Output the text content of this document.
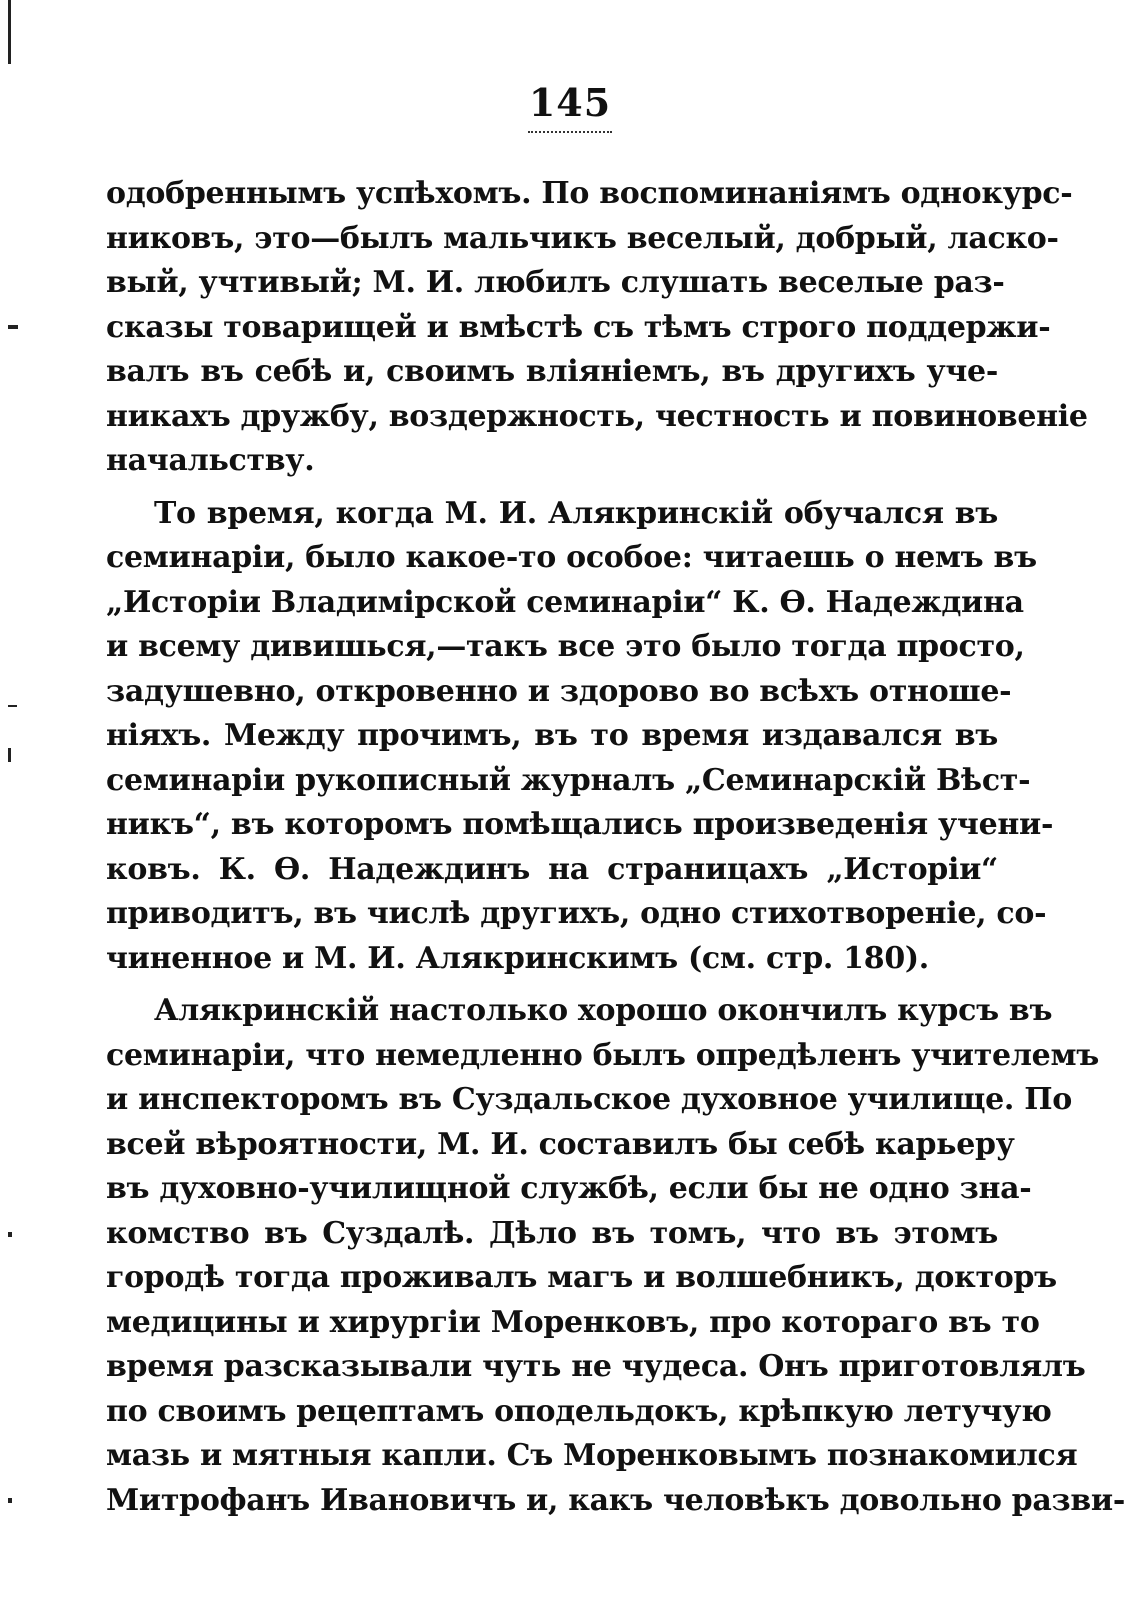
145
одобреннымъ успѣхомъ. По воспоминаніямъ однокурс-
никовъ, это—былъ мальчикъ веселый, добрый, ласко-
вый, учтивый; М. И. любилъ слушать веселые раз-
сказы товарищей и вмѣстѣ съ тѣмъ строго поддержи-
валъ въ себѣ и, своимъ вліяніемъ, въ другихъ уче-
никахъ дружбу, воздержность, честность и повиновеніе
начальству.
То время, когда М. И. Алякринскій обучался въ
семинаріи, было какое-то особое: читаешь о немъ въ
„Исторіи Владимірской семинаріи“ К. Ѳ. Надеждина
и всему дивишься,—такъ все это было тогда просто,
задушевно, откровенно и здорово во всѣхъ отноше-
ніяхъ. Между прочимъ, въ то время издавался въ
семинаріи рукописный журналъ „Семинарскій Вѣст-
никъ“, въ которомъ помѣщались произведенія учени-
ковъ. К. Ѳ. Надеждинъ на страницахъ „Исторіи“
приводитъ, въ числѣ другихъ, одно стихотвореніе, со-
чиненное и М. И. Алякринскимъ (см. стр. 180).
Алякринскій настолько хорошо окончилъ курсъ въ
семинаріи, что немедленно былъ опредѣленъ учителемъ
и инспекторомъ въ Суздальское духовное училище. По
всей вѣроятности, М. И. составилъ бы себѣ карьеру
въ духовно-училищной службѣ, если бы не одно зна-
комство въ Суздалѣ. Дѣло въ томъ, что въ этомъ
городѣ тогда проживалъ магъ и волшебникъ, докторъ
медицины и хирургіи Моренковъ, про котораго въ то
время разсказывали чуть не чудеса. Онъ приготовлялъ
по своимъ рецептамъ оподельдокъ, крѣпкую летучую
мазь и мятныя капли. Съ Моренковымъ познакомился
Митрофанъ Ивановичъ и, какъ человѣкъ довольно разви-
